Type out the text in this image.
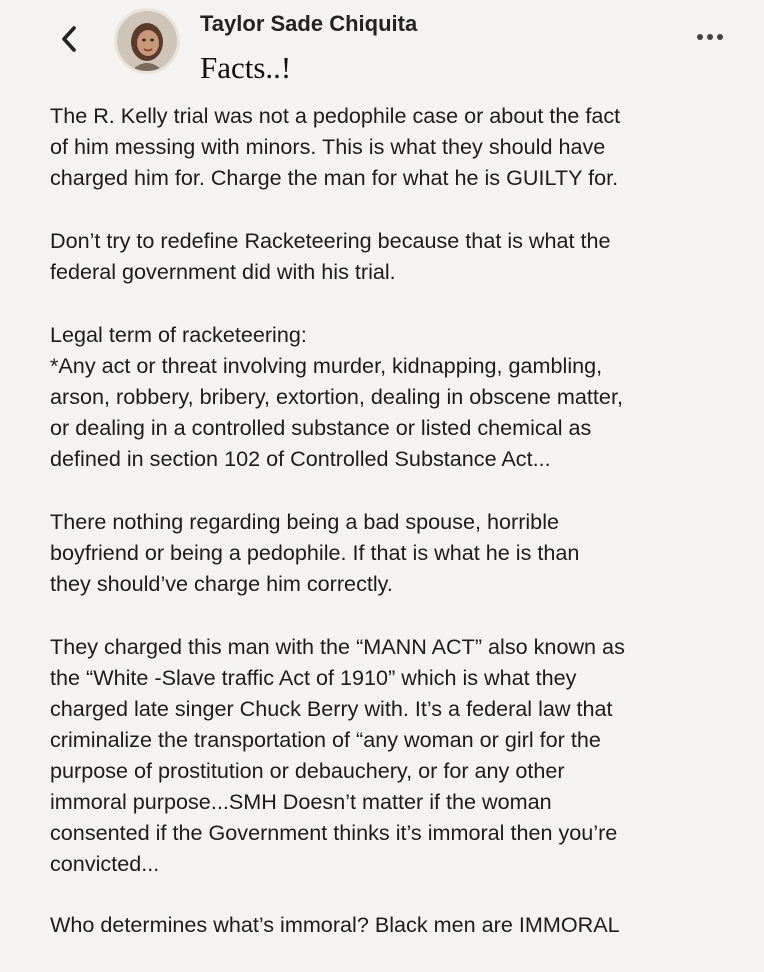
Taylor Sade Chiquita
Facts..!

The R. Kelly trial was not a pedophile case or about the fact
of him messing with minors. This is what they should have
charged him for. Charge the man for what he is GUILTY for.

Don’t try to redefine Racketeering because that is what the
federal government did with his trial.

Legal term of racketeering:
*Any act or threat involving murder, kidnapping, gambling,
arson, robbery, bribery, extortion, dealing in obscene matter,
or dealing in a controlled substance or listed chemical as
defined in section 102 of Controlled Substance Act...

There nothing regarding being a bad spouse, horrible
boyfriend or being a pedophile. If that is what he is than
they should’ve charge him correctly.

They charged this man with the “MANN ACT” also known as
the “White -Slave traffic Act of 1910” which is what they
charged late singer Chuck Berry with. It’s a federal law that
criminalize the transportation of “any woman or girl for the
purpose of prostitution or debauchery, or for any other
immoral purpose...SMH Doesn’t matter if the woman
consented if the Government thinks it’s immoral then you’re
convicted...

Who determines what’s immoral? Black men are IMMORAL
